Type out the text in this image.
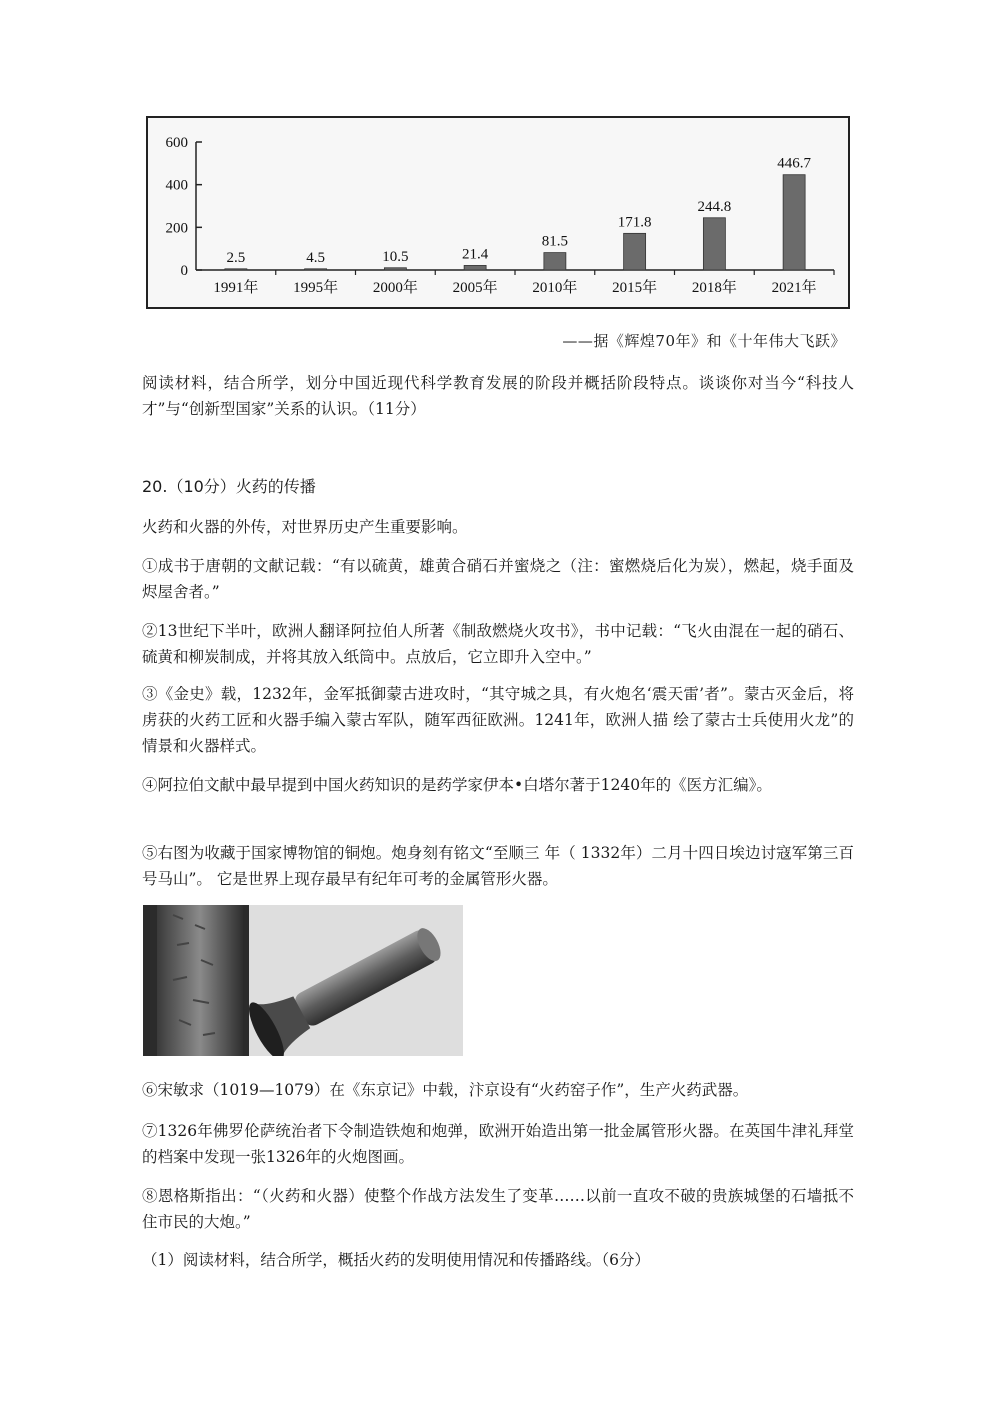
600
400
200
0
2.5
1991年
4.5
1995年
10.5
2000年
21.4
2005年
81.5
2010年
171.8
2015年
244.8
2018年
446.7
2021年
——据《辉煌70年》和《十年伟大飞跃》

阅读材料，结合所学，划分中国近现代科学教育发展的阶段并概括阶段特点。谈谈你对当今“科技人才”与“创新型国家”关系的认识。（11分）

20.（10分）火药的传播

火药和火器的外传，对世界历史产生重要影响。

①成书于唐朝的文献记载：“有以硫黄，雄黄合硝石并蜜烧之（注：蜜燃烧后化为炭），燃起，烧手面及烬屋舍者。”

②13世纪下半叶，欧洲人翻译阿拉伯人所著《制敌燃烧火攻书》，书中记载：“飞火由混在一起的硝石、硫黄和柳炭制成，并将其放入纸筒中。点放后，它立即升入空中。”

③《金史》载，1232年，金军抵御蒙古进攻时，“其守城之具，有火炮名‘震天雷’者”。蒙古灭金后，将虏获的火药工匠和火器手编入蒙古军队，随军西征欧洲。1241年，欧洲人描 绘了蒙古士兵使用火龙”的情景和火器样式。

④阿拉伯文献中最早提到中国火药知识的是药学家伊本•白塔尔著于1240年的《医方汇编》。

⑤右图为收藏于国家博物馆的铜炮。炮身刻有铭文“至顺三 年（ 1332年）二月十四日埃边讨寇军第三百号马山”。 它是世界上现存最早有纪年可考的金属管形火器。

⑥宋敏求（1019—1079）在《东京记》中载，汴京设有“火药窑子作”，生产火药武器。

⑦1326年佛罗伦萨统治者下令制造铁炮和炮弹，欧洲开始造出第一批金属管形火器。在英国牛津礼拜堂的档案中发现一张1326年的火炮图画。

⑧恩格斯指出：“（火药和火器）使整个作战方法发生了变革……以前一直攻不破的贵族城堡的石墙抵不住市民的大炮。”

（1）阅读材料，结合所学，概括火药的发明使用情况和传播路线。（6分）
